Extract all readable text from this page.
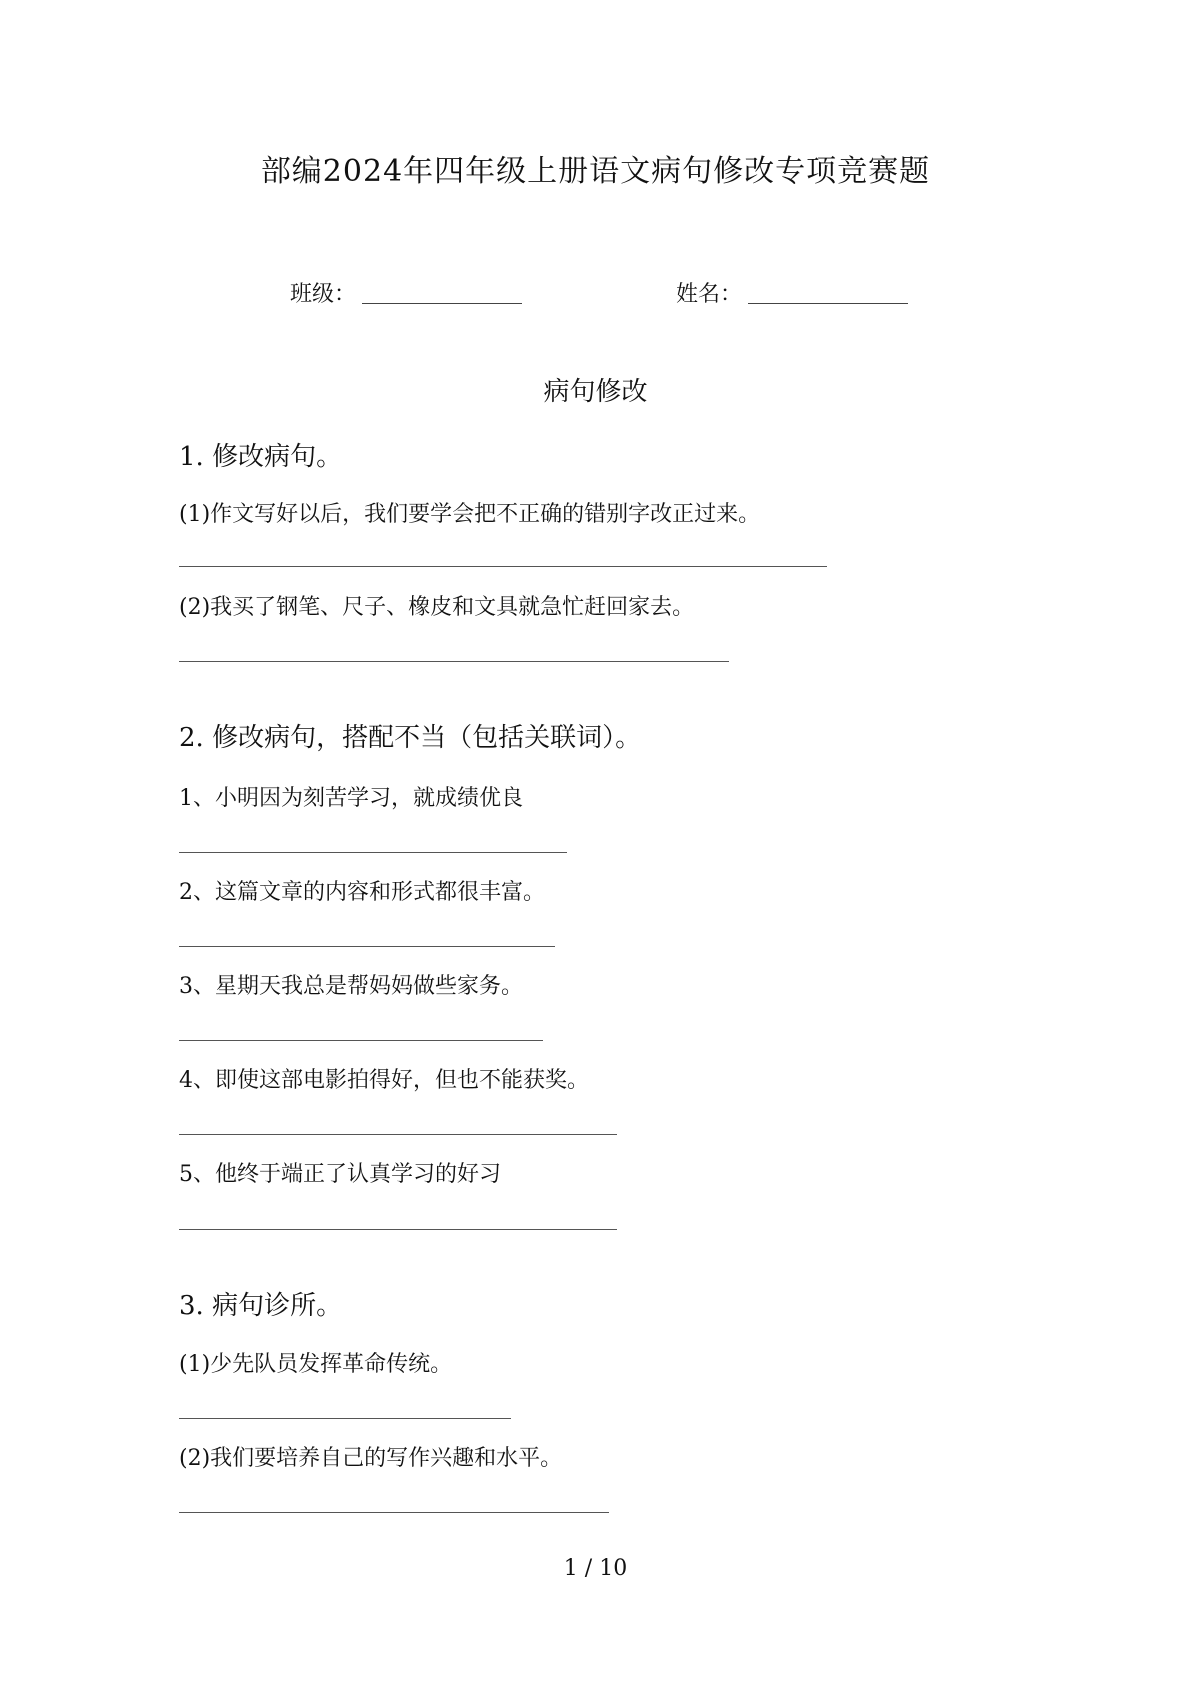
部编2024年四年级上册语文病句修改专项竞赛题
班级：	姓名：
病句修改
1. 修改病句。
(1)作文写好以后，我们要学会把不正确的错别字改正过来。
(2)我买了钢笔、尺子、橡皮和文具就急忙赶回家去。
2. 修改病句，搭配不当（包括关联词）。
1、小明因为刻苦学习，就成绩优良
2、这篇文章的内容和形式都很丰富。
3、星期天我总是帮妈妈做些家务。
4、即使这部电影拍得好，但也不能获奖。
5、他终于端正了认真学习的好习
3. 病句诊所。
(1)少先队员发挥革命传统。
(2)我们要培养自己的写作兴趣和水平。
1 / 10
